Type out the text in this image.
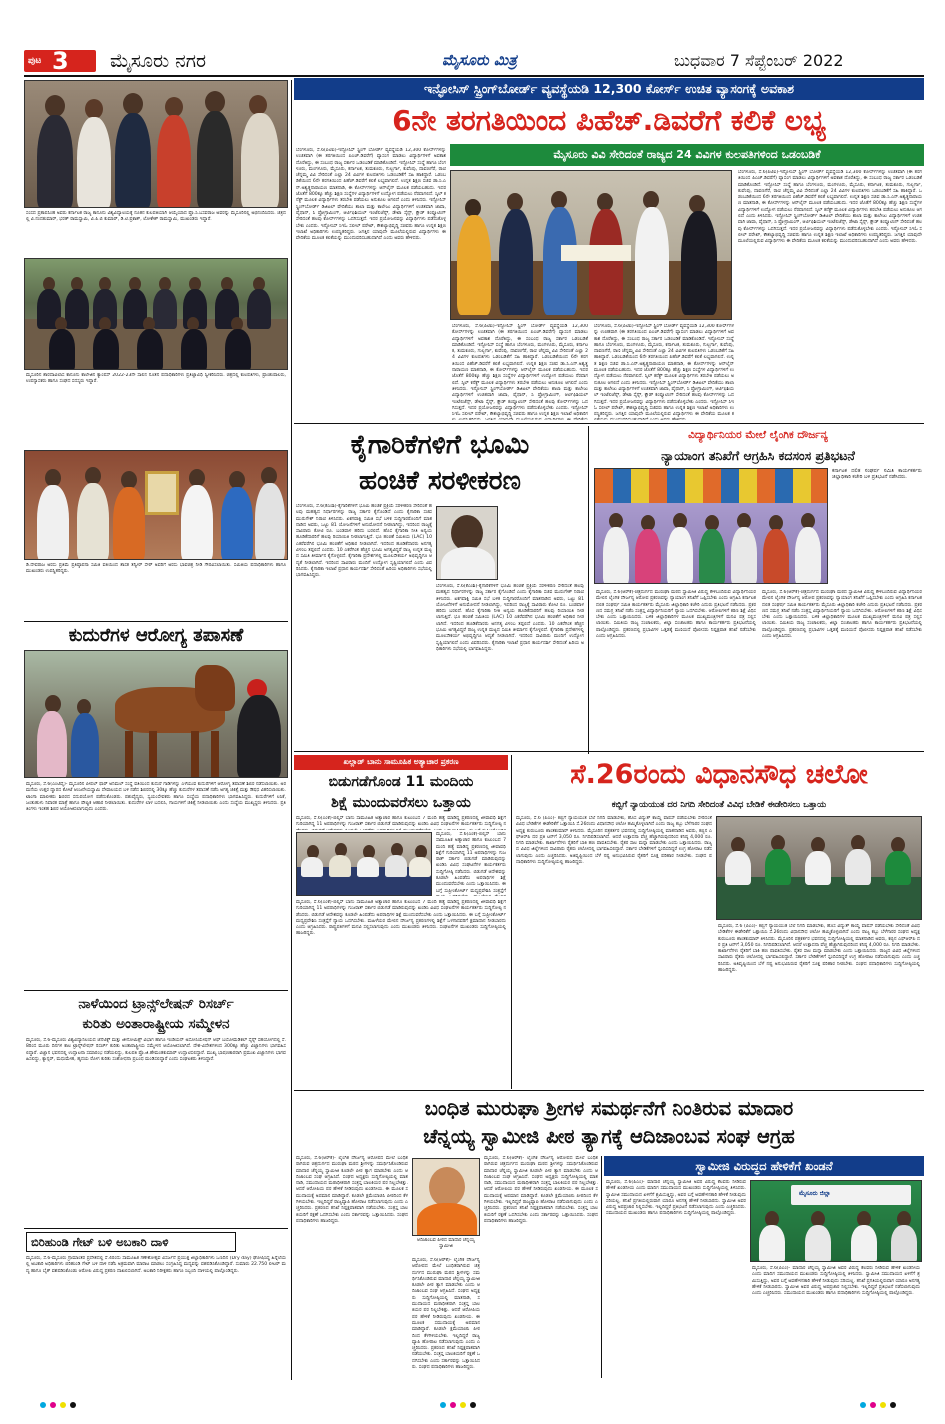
ಪುಟ 3 ಮೈಸೂರು ನಗರ	ಮೈಸೂರು ಮಿತ್ರ	ಬುಧವಾರ 7 ಸೆಪ್ಟೆಂಬರ್ 2022
ಸಂಸದ ಪ್ರತಾಪಸಿಂಹ ಅವರು ಕರ್ನಾಟಕ ರಾಜ್ಯ ಕಾನೂನು ವಿಶ್ವವಿದ್ಯಾಲಯಕ್ಕೆ ನೂತನ ಕುಲಪತಿಯಾಗಿ ಆಯ್ಕೆಯಾದ ಪ್ರೊ.ಸಿ.ಬಸವರಾಜ ಅವರನ್ನು ಮೈಸೂರಿನಲ್ಲಿ ಅಭಿನಂದಿಸಿದರು. ಚಿತ್ರದಲ್ಲಿ ವಿ.ನಂದಕುಮಾರ್, ಭರತ್ ರಾಮಸ್ವಾಮಿ, ವಿ.ಪಿ.ಬಿ ಕುಮಾರ್, ಡಿ.ಟಿ.ಪ್ರಕಾಶ್, ಲೋಕೇಶ್ ರಾಮಸ್ವಾಮಿ, ಮುಖಂಡರು ಇದ್ದಾರೆ.
ಮೈಸೂರಿನ ಶಾರದಾವಿಲಾಸ ಕಾನೂನು ಕಾಲೇಜಿನ ಕ್ಯಾಂಪಸ್ 2022-23ನೇ ಸಾಲಿನ ನೂತನ ಪದಾಧಿಕಾರಿಗಳು ಪ್ರತಿಜ್ಞಾವಿಧಿ ಸ್ವೀಕರಿಸಿದರು. ಚಿತ್ರದಲ್ಲಿ ಕುಲಪತಿಗಳು, ಪ್ರಾಂಶುಪಾಲರು, ಉಪನ್ಯಾಸಕರು ಹಾಗೂ ಸಂಘದ ಸದಸ್ಯರು ಇದ್ದಾರೆ.
ಡಿ.ದೇವರಾಜ ಅರಸು ಪ್ರತಿಮೆ ಪ್ರತಿಷ್ಠಾಪನಾ ಸಮಿತಿ ವತಿಯಿಂದ ಶಾಸಕ ತನ್ವೀರ್ ಸೇಠ್ ಅವರಿಗೆ ಅರಸು ಭಾವಚಿತ್ರ ನೀಡಿ ಗೌರವಿಸಲಾಯಿತು. ಸಮಿತಿಯ ಪದಾಧಿಕಾರಿಗಳು ಹಾಗೂ ಮುಖಂಡರು ಉಪಸ್ಥಿತರಿದ್ದರು.
ಕುದುರೆಗಳ ಆರೋಗ್ಯ ತಪಾಸಣೆ
ಮೈಸೂರು, ಸೆ.6(ಎಂಟಿವೈ)- ಮೈಸೂರಿನ ಪೀಪಲ್ ಫಾರ್ ಅನಿಮಲ್ ಸಂಸ್ಥೆ ವತಿಯಿಂದ ಕುದುರೆ ಗಾಡಿಗಳನ್ನು ಎಳೆಯುವ ಕುದುರೆಗಳಿಗೆ ಆರೋಗ್ಯ ತಪಾಸಣೆ ಶಿಬಿರ ನಡೆಸಲಾಯಿತು. ಅರಮನೆಯ ಉತ್ತರ ದ್ವಾರದ ಕೋಟೆ ಆಂಜನೇಯಸ್ವಾಮಿ ದೇವಾಲಯದ ಬಳಿ ನಡೆದ ಶಿಬಿರದಲ್ಲಿ 30ಕ್ಕೂ ಹೆಚ್ಚು ಕುದುರೆಗಳ ತಪಾಸಣೆ ನಡೆಸಿ ಅಗತ್ಯ ಚಿಕಿತ್ಸೆ ಮತ್ತು ಔಷಧ ವಿತರಿಸಲಾಯಿತು. ಟಾಂಗಾ ಮಾಲೀಕರು ಶಿಬಿರದ ಸದುಪಯೋಗ ಪಡೆದುಕೊಂಡರು. ಪಶುವೈದ್ಯರು, ಸ್ವಯಂಸೇವಕರು ಹಾಗೂ ಸಂಸ್ಥೆಯ ಪದಾಧಿಕಾರಿಗಳು ಭಾಗವಹಿಸಿದ್ದರು. ಕುದುರೆಗಳಿಗೆ ಲಸಿಕೆ, ಜಂತುಹುಳು ನಿವಾರಕ ಮಾತ್ರೆ ಹಾಗೂ ಪೌಷ್ಟಿಕ ಆಹಾರ ನೀಡಲಾಯಿತು. ಕುದುರೆಗಳ ಲಾಳ ಬದಲಿಸಿ, ಗಾಯಗಳಿಗೆ ಚಿಕಿತ್ಸೆ ನೀಡಲಾಯಿತು ಎಂದು ಸಂಸ್ಥೆಯ ಮುಖ್ಯಸ್ಥರು ತಿಳಿಸಿದರು. ಪ್ರತಿ ತಿಂಗಳು ಇಂತಹ ಶಿಬಿರ ಆಯೋಜಿಸಲಾಗುವುದು ಎಂದರು.
ನಾಳೆಯಿಂದ ಟ್ರಾನ್ಸ್‌ಲೇಷನ್ ರಿಸರ್ಚ್
ಕುರಿತು ಅಂತಾರಾಷ್ಟ್ರೀಯ ಸಮ್ಮೇಳನ
ಮೈಸೂರು, ಸೆ.6-ಮೈಸೂರು ವಿಶ್ವವಿದ್ಯಾನಿಲಯದ ಜೆನೆಟಿಕ್ಸ್ ಮತ್ತು ಜೀನೋಮಿಕ್ಸ್ ವಿಭಾಗ ಹಾಗೂ ಇಂಡಿಯನ್ ಅಸೋಸಿಯೇಷನ್ ಆಫ್ ಬಯೋಮೆಡಿಕಲ್ ಸೈನ್ಸ್ ಸಹಯೋಗದಲ್ಲಿ ಸೆ.8ರಿಂದ ಮೂರು ದಿನಗಳ ಕಾಲ ಟ್ರಾನ್ಸ್‌ಲೇಷನ್ ರಿಸರ್ಚ್ ಕುರಿತು ಅಂತಾರಾಷ್ಟ್ರೀಯ ಸಮ್ಮೇಳನ ಆಯೋಜಿಸಲಾಗಿದೆ. ದೇಶ-ವಿದೇಶಗಳಿಂದ 300ಕ್ಕೂ ಹೆಚ್ಚು ವಿಜ್ಞಾನಿಗಳು ಭಾಗವಹಿಸಲಿದ್ದಾರೆ. ವಿಜ್ಞಾನ ಭವನದಲ್ಲಿ ಉದ್ಘಾಟನಾ ಸಮಾರಂಭ ನಡೆಯಲಿದ್ದು, ಕುಲಪತಿ ಪ್ರೊ.ಜಿ.ಹೇಮಂತಕುಮಾರ್ ಉದ್ಘಾಟಿಸಲಿದ್ದಾರೆ. ಮುಖ್ಯ ಭಾಷಣಕಾರರಾಗಿ ಪ್ರಮುಖ ವಿಜ್ಞಾನಿಗಳು ಭಾಗವಹಿಸಲಿದ್ದು, ಕ್ಯಾನ್ಸರ್, ಮಧುಮೇಹ, ಹೃದಯ ರೋಗ ಕುರಿತು ಸಂಶೋಧನಾ ಪ್ರಬಂಧ ಮಂಡಿಸಲಿದ್ದಾರೆ ಎಂದು ಸಂಘಟಕರು ತಿಳಿಸಿದ್ದಾರೆ.
ಬಿರಿಹುಂಡಿ ಗೇಟ್ ಬಳಿ ಅಬಕಾರಿ ದಾಳಿ
ಮೈಸೂರು, ಸೆ.6-ಮೈಸೂರು ಗ್ರಾಮಾಂತರ ಪ್ರದೇಶದಲ್ಲಿ ಸೆ.4ರಂದು ಸಾಮೂಹಿಕ ಗಣೇಶೋತ್ಸವ ವಿಸರ್ಜನೆ ಪ್ರಯುಕ್ತ ಜಿಲ್ಲಾಧಿಕಾರಿಗಳು ಒಣದಿನ (Dry day) ಘೋಷಿಸಿದ್ದ ಹಿನ್ನೆಲೆಯಲ್ಲಿ ಅಬಕಾರಿ ಅಧಿಕಾರಿಗಳು ಬಿರಿಹುಂಡಿ ಗೇಟ್ ಬಳಿ ದಾಳಿ ನಡೆಸಿ ಅಕ್ರಮವಾಗಿ ಮಾರಾಟ ಮಾಡಲು ಸಂಗ್ರಹಿಸಿದ್ದ ಮದ್ಯವನ್ನು ವಶಪಡಿಸಿಕೊಂಡಿದ್ದಾರೆ. ಸುಮಾರು 22.750 ಲೀಟರ್ ಮದ್ಯ ಹಾಗೂ ಬೈಕ್ ವಶಪಡಿಸಿಕೊಂಡು ಆರೋಪಿ ವಿರುದ್ಧ ಪ್ರಕರಣ ದಾಖಲಿಸಲಾಗಿದೆ. ಅಬಕಾರಿ ನಿರೀಕ್ಷಕರು ಹಾಗೂ ಸಿಬ್ಬಂದಿ ದಾಳಿಯಲ್ಲಿ ಪಾಲ್ಗೊಂಡಿದ್ದರು.
ಇನ್ಫೋಸಿಸ್ ಸ್ಪ್ರಿಂಗ್‌ಬೋರ್ಡ್ ವ್ಯವಸ್ಥೆಯಡಿ 12,300 ಕೋರ್ಸ್ ಉಚಿತ ವ್ಯಾಸಂಗಕ್ಕೆ ಅವಕಾಶ
6ನೇ ತರಗತಿಯಿಂದ ಪಿಹೆಚ್.ಡಿವರೆಗೆ ಕಲಿಕೆ ಲಭ್ಯ
ಮೈಸೂರು ವಿವಿ ಸೇರಿದಂತೆ ರಾಜ್ಯದ 24 ವಿವಿಗಳ ಕುಲಪತಿಗಳಿಂದ ಒಡಂಬಡಿಕೆ
ಬೆಂಗಳೂರು, ಸೆ.6(ಪಿಟಿಐ)-ಇನ್ಫೋಸಿಸ್ ಸ್ಪ್ರಿಂಗ್ ಬೋರ್ಡ್ ವ್ಯವಸ್ಥೆಯಡಿ 12,300 ಕೋರ್ಸ್‌ಗಳನ್ನು ಉಚಿತವಾಗಿ (ಈ ತರಗತಿಯಿಂದ ಪಿಎಚ್.ಡಿವರೆಗೆ) ವ್ಯಾಸಂಗ ಮಾಡಲು ವಿದ್ಯಾರ್ಥಿಗಳಿಗೆ ಅವಕಾಶ ದೊರೆತಿದ್ದು, ಈ ಸಂಬಂಧ ರಾಜ್ಯ ಸರ್ಕಾರ ಒಡಂಬಡಿಕೆ ಮಾಡಿಕೊಂಡಿದೆ. ಇನ್ಫೋಸಿಸ್ ಸಂಸ್ಥೆ ಹಾಗೂ ಬೆಂಗಳೂರು, ಮಂಗಳೂರು, ಮೈಸೂರು, ಕರ್ನಾಟಕ, ತುಮಕೂರು, ಗುಲ್ಬರ್ಗಾ, ಕುವೆಂಪು, ದಾವಣಗೆರೆ, ರಾಣಿ ಚೆನ್ನಮ್ಮ ವಿವಿ ಸೇರಿದಂತೆ ಎಲ್ಲಾ 24 ವಿವಿಗಳ ಕುಲಪತಿಗಳು ಒಡಂಬಡಿಕೆಗೆ ಸಹಿ ಹಾಕಿದ್ದಾರೆ. ಒಡಂಬಡಿಕೆಯಿಂದ 6ನೇ ತರಗತಿಯಿಂದ ಪಿಹೆಚ್.ಡಿವರೆಗೆ ಕಲಿಕೆ ಲಭ್ಯವಾಗಲಿದೆ. ಉನ್ನತ ಶಿಕ್ಷಣ ಸಚಿವ ಡಾ.ಸಿ.ಎನ್.ಅಶ್ವತ್ಥನಾರಾಯಣ ಮಾತನಾಡಿ, ಈ ಕೋರ್ಸ್‌ಗಳನ್ನು ಆನ್‌ಲೈನ್ ಮೂಲಕ ಪಡೆಯಬಹುದು. ಇದರ ಜೊತೆಗೆ 800ಕ್ಕೂ ಹೆಚ್ಚು ಶಿಕ್ಷಣ ಸಂಸ್ಥೆಗಳ ವಿದ್ಯಾರ್ಥಿಗಳಿಗೆ ಉದ್ಯೋಗ ಪಡೆಯಲು ನೆರವಾಗಲಿದೆ. ಸ್ಕಿಲ್ ಕನೆಕ್ಟ್ ಮೂಲಕ ವಿದ್ಯಾರ್ಥಿಗಳು ತರಬೇತಿ ಪಡೆಯಲು ಅನುಕೂಲ ಆಗಲಿದೆ ಎಂದು ತಿಳಿಸಿದರು. ಇನ್ಫೋಸಿಸ್ ಸ್ಪ್ರಿಂಗ್‌ಬೋರ್ಡ್ ಡಿಜಿಟಲ್ ವೇದಿಕೆಯು ಶಾಲಾ ಮತ್ತು ಕಾಲೇಜು ವಿದ್ಯಾರ್ಥಿಗಳಿಗೆ ಉಚಿತವಾಗಿ ಜಾವಾ, ಪೈಥಾನ್, ಸಿ ಪ್ರೋಗ್ರಾಮಿಂಗ್, ಆರ್ಟಿಫಿಶಿಯಲ್ ಇಂಟೆಲಿಜೆನ್ಸ್, ಡೇಟಾ ಸೈನ್ಸ್, ಕ್ಲೌಡ್ ಕಂಪ್ಯೂಟಿಂಗ್ ಸೇರಿದಂತೆ ಹಲವು ಕೋರ್ಸ್‌ಗಳನ್ನು ಒದಗಿಸುತ್ತದೆ. ಇದರ ಪ್ರಯೋಜನವನ್ನು ವಿದ್ಯಾರ್ಥಿಗಳು ಪಡೆದುಕೊಳ್ಳಬೇಕು ಎಂದರು. ಇನ್ಫೋಸಿಸ್ ಸಿಇಓ ಸಲೀಲ್ ಪರೇಖ್, ಕೌಶಲ್ಯಾಭಿವೃದ್ಧಿ ಸಚಿವರು ಹಾಗೂ ಉನ್ನತ ಶಿಕ್ಷಣ ಇಲಾಖೆ ಅಧಿಕಾರಿಗಳು ಉಪಸ್ಥಿತರಿದ್ದರು. ಜಗತ್ತಿನ ಯಾವುದೇ ಮೂಲೆಯಲ್ಲಿರುವ ವಿದ್ಯಾರ್ಥಿಗಳು ಈ ವೇದಿಕೆಯ ಮೂಲಕ ಕಲಿಕೆಯನ್ನು ಮುಂದುವರಿಸಬಹುದಾಗಿದೆ ಎಂದು ಅವರು ಹೇಳಿದರು.
ಬೆಂಗಳೂರು, ಸೆ.6(ಪಿಟಿಐ)-ಇನ್ಫೋಸಿಸ್ ಸ್ಪ್ರಿಂಗ್ ಬೋರ್ಡ್ ವ್ಯವಸ್ಥೆಯಡಿ 12,300 ಕೋರ್ಸ್‌ಗಳನ್ನು ಉಚಿತವಾಗಿ (ಈ ತರಗತಿಯಿಂದ ಪಿಎಚ್.ಡಿವರೆಗೆ) ವ್ಯಾಸಂಗ ಮಾಡಲು ವಿದ್ಯಾರ್ಥಿಗಳಿಗೆ ಅವಕಾಶ ದೊರೆತಿದ್ದು, ಈ ಸಂಬಂಧ ರಾಜ್ಯ ಸರ್ಕಾರ ಒಡಂಬಡಿಕೆ ಮಾಡಿಕೊಂಡಿದೆ. ಇನ್ಫೋಸಿಸ್ ಸಂಸ್ಥೆ ಹಾಗೂ ಬೆಂಗಳೂರು, ಮಂಗಳೂರು, ಮೈಸೂರು, ಕರ್ನಾಟಕ, ತುಮಕೂರು, ಗುಲ್ಬರ್ಗಾ, ಕುವೆಂಪು, ದಾವಣಗೆರೆ, ರಾಣಿ ಚೆನ್ನಮ್ಮ ವಿವಿ ಸೇರಿದಂತೆ ಎಲ್ಲಾ 24 ವಿವಿಗಳ ಕುಲಪತಿಗಳು ಒಡಂಬಡಿಕೆಗೆ ಸಹಿ ಹಾಕಿದ್ದಾರೆ. ಒಡಂಬಡಿಕೆಯಿಂದ 6ನೇ ತರಗತಿಯಿಂದ ಪಿಹೆಚ್.ಡಿವರೆಗೆ ಕಲಿಕೆ ಲಭ್ಯವಾಗಲಿದೆ. ಉನ್ನತ ಶಿಕ್ಷಣ ಸಚಿವ ಡಾ.ಸಿ.ಎನ್.ಅಶ್ವತ್ಥನಾರಾಯಣ ಮಾತನಾಡಿ, ಈ ಕೋರ್ಸ್‌ಗಳನ್ನು ಆನ್‌ಲೈನ್ ಮೂಲಕ ಪಡೆಯಬಹುದು. ಇದರ ಜೊತೆಗೆ 800ಕ್ಕೂ ಹೆಚ್ಚು ಶಿಕ್ಷಣ ಸಂಸ್ಥೆಗಳ ವಿದ್ಯಾರ್ಥಿಗಳಿಗೆ ಉದ್ಯೋಗ ಪಡೆಯಲು ನೆರವಾಗಲಿದೆ. ಸ್ಕಿಲ್ ಕನೆಕ್ಟ್ ಮೂಲಕ ವಿದ್ಯಾರ್ಥಿಗಳು ತರಬೇತಿ ಪಡೆಯಲು ಅನುಕೂಲ ಆಗಲಿದೆ ಎಂದು ತಿಳಿಸಿದರು. ಇನ್ಫೋಸಿಸ್ ಸ್ಪ್ರಿಂಗ್‌ಬೋರ್ಡ್ ಡಿಜಿಟಲ್ ವೇದಿಕೆಯು ಶಾಲಾ ಮತ್ತು ಕಾಲೇಜು ವಿದ್ಯಾರ್ಥಿಗಳಿಗೆ ಉಚಿತವಾಗಿ ಜಾವಾ, ಪೈಥಾನ್, ಸಿ ಪ್ರೋಗ್ರಾಮಿಂಗ್, ಆರ್ಟಿಫಿಶಿಯಲ್ ಇಂಟೆಲಿಜೆನ್ಸ್, ಡೇಟಾ ಸೈನ್ಸ್, ಕ್ಲೌಡ್ ಕಂಪ್ಯೂಟಿಂಗ್ ಸೇರಿದಂತೆ ಹಲವು ಕೋರ್ಸ್‌ಗಳನ್ನು ಒದಗಿಸುತ್ತದೆ. ಇದರ ಪ್ರಯೋಜನವನ್ನು ವಿದ್ಯಾರ್ಥಿಗಳು ಪಡೆದುಕೊಳ್ಳಬೇಕು ಎಂದರು. ಇನ್ಫೋಸಿಸ್ ಸಿಇಓ ಸಲೀಲ್ ಪರೇಖ್, ಕೌಶಲ್ಯಾಭಿವೃದ್ಧಿ ಸಚಿವರು ಹಾಗೂ ಉನ್ನತ ಶಿಕ್ಷಣ ಇಲಾಖೆ ಅಧಿಕಾರಿಗ
ಬೆಂಗಳೂರು, ಸೆ.6(ಪಿಟಿಐ)-ಇನ್ಫೋಸಿಸ್ ಸ್ಪ್ರಿಂಗ್ ಬೋರ್ಡ್ ವ್ಯವಸ್ಥೆಯಡಿ 12,300 ಕೋರ್ಸ್‌ಗಳನ್ನು ಉಚಿತವಾಗಿ (ಈ ತರಗತಿಯಿಂದ ಪಿಎಚ್.ಡಿವರೆಗೆ) ವ್ಯಾಸಂಗ ಮಾಡಲು ವಿದ್ಯಾರ್ಥಿಗಳಿಗೆ ಅವಕಾಶ ದೊರೆತಿದ್ದು, ಈ ಸಂಬಂಧ ರಾಜ್ಯ ಸರ್ಕಾರ ಒಡಂಬಡಿಕೆ ಮಾಡಿಕೊಂಡಿದೆ. ಇನ್ಫೋಸಿಸ್ ಸಂಸ್ಥೆ ಹಾಗೂ ಬೆಂಗಳೂರು, ಮಂಗಳೂರು, ಮೈಸೂರು, ಕರ್ನಾಟಕ, ತುಮಕೂರು, ಗುಲ್ಬರ್ಗಾ, ಕುವೆಂಪು, ದಾವಣಗೆರೆ, ರಾಣಿ ಚೆನ್ನಮ್ಮ ವಿವಿ ಸೇರಿದಂತೆ ಎಲ್ಲಾ 24 ವಿವಿಗಳ ಕುಲಪತಿಗಳು ಒಡಂಬಡಿಕೆಗೆ ಸಹಿ ಹಾಕಿದ್ದಾರೆ. ಒಡಂಬಡಿಕೆಯಿಂದ 6ನೇ ತರಗತಿಯಿಂದ ಪಿಹೆಚ್.ಡಿವರೆಗೆ ಕಲಿಕೆ ಲಭ್ಯವಾಗಲಿದೆ. ಉನ್ನತ ಶಿಕ್ಷಣ ಸಚಿವ ಡಾ.ಸಿ.ಎನ್.ಅಶ್ವತ್ಥನಾರಾಯಣ ಮಾತನಾಡಿ, ಈ ಕೋರ್ಸ್‌ಗಳನ್ನು ಆನ್‌ಲೈನ್ ಮೂಲಕ ಪಡೆಯಬಹುದು. ಇದರ ಜೊತೆಗೆ 800ಕ್ಕೂ ಹೆಚ್ಚು ಶಿಕ್ಷಣ ಸಂಸ್ಥೆಗಳ ವಿದ್ಯಾರ್ಥಿಗಳಿಗೆ ಉದ್ಯೋಗ ಪಡೆಯಲು ನೆರವಾಗಲಿದೆ. ಸ್ಕಿಲ್ ಕನೆಕ್ಟ್ ಮೂಲಕ ವಿದ್ಯಾರ್ಥಿಗಳು ತರಬೇತಿ ಪಡೆಯಲು ಅನುಕೂಲ ಆಗಲಿದೆ ಎಂದು ತಿಳಿಸಿದರು. ಇನ್ಫೋಸಿಸ್ ಸ್ಪ್ರಿಂಗ್‌ಬೋರ್ಡ್ ಡಿಜಿಟಲ್ ವೇದಿಕೆಯು ಶಾಲಾ ಮತ್ತು ಕಾಲೇಜು ವಿದ್ಯಾರ್ಥಿಗಳಿಗೆ ಉಚಿತವಾಗಿ ಜಾವಾ, ಪೈಥಾನ್, ಸಿ ಪ್ರೋಗ್ರಾಮಿಂಗ್, ಆರ್ಟಿಫಿಶಿಯಲ್ ಇಂಟೆಲಿಜೆನ್ಸ್, ಡೇಟಾ ಸೈನ್ಸ್, ಕ್ಲೌಡ್ ಕಂಪ್ಯೂಟಿಂಗ್ ಸೇರಿದಂತೆ ಹಲವು ಕೋರ್ಸ್‌ಗಳನ್ನು ಒದಗಿಸುತ್ತದೆ. ಇದರ ಪ್ರಯೋಜನವನ್ನು ವಿದ್ಯಾರ್ಥಿಗಳು ಪಡೆದುಕೊಳ್ಳಬೇಕು ಎಂದರು. ಇನ್ಫೋಸಿಸ್ ಸಿಇಓ ಸಲೀಲ್ ಪರೇಖ್, ಕೌಶಲ್ಯಾಭಿವೃದ್ಧಿ ಸಚಿವರು ಹಾಗೂ ಉನ್ನತ ಶಿಕ್ಷಣ ಇಲಾಖೆ ಅಧಿಕಾರಿಗಳು ಉಪಸ್ಥಿತರಿದ್ದರು. ಜಗತ್ತಿನ ಯಾವುದೇ ಮೂಲೆಯಲ್ಲಿರುವ ವಿದ್ಯಾರ್ಥಿಗಳು ಈ ವೇದಿಕೆಯ ಮೂಲಕ ಕ
ಬೆಂಗಳೂರು, ಸೆ.6(ಪಿಟಿಐ)-ಇನ್ಫೋಸಿಸ್ ಸ್ಪ್ರಿಂಗ್ ಬೋರ್ಡ್ ವ್ಯವಸ್ಥೆಯಡಿ 12,300 ಕೋರ್ಸ್‌ಗಳನ್ನು ಉಚಿತವಾಗಿ (ಈ ತರಗತಿಯಿಂದ ಪಿಎಚ್.ಡಿವರೆಗೆ) ವ್ಯಾಸಂಗ ಮಾಡಲು ವಿದ್ಯಾರ್ಥಿಗಳಿಗೆ ಅವಕಾಶ ದೊರೆತಿದ್ದು, ಈ ಸಂಬಂಧ ರಾಜ್ಯ ಸರ್ಕಾರ ಒಡಂಬಡಿಕೆ ಮಾಡಿಕೊಂಡಿದೆ. ಇನ್ಫೋಸಿಸ್ ಸಂಸ್ಥೆ ಹಾಗೂ ಬೆಂಗಳೂರು, ಮಂಗಳೂರು, ಮೈಸೂರು, ಕರ್ನಾಟಕ, ತುಮಕೂರು, ಗುಲ್ಬರ್ಗಾ, ಕುವೆಂಪು, ದಾವಣಗೆರೆ, ರಾಣಿ ಚೆನ್ನಮ್ಮ ವಿವಿ ಸೇರಿದಂತೆ ಎಲ್ಲಾ 24 ವಿವಿಗಳ ಕುಲಪತಿಗಳು ಒಡಂಬಡಿಕೆಗೆ ಸಹಿ ಹಾಕಿದ್ದಾರೆ. ಒಡಂಬಡಿಕೆಯಿಂದ 6ನೇ ತರಗತಿಯಿಂದ ಪಿಹೆಚ್.ಡಿವರೆಗೆ ಕಲಿಕೆ ಲಭ್ಯವಾಗಲಿದೆ. ಉನ್ನತ ಶಿಕ್ಷಣ ಸಚಿವ ಡಾ.ಸಿ.ಎನ್.ಅಶ್ವತ್ಥನಾರಾಯಣ ಮಾತನಾಡಿ, ಈ ಕೋರ್ಸ್‌ಗಳನ್ನು ಆನ್‌ಲೈನ್ ಮೂಲಕ ಪಡೆಯಬಹುದು. ಇದರ ಜೊತೆಗೆ 800ಕ್ಕೂ ಹೆಚ್ಚು ಶಿಕ್ಷಣ ಸಂಸ್ಥೆಗಳ ವಿದ್ಯಾರ್ಥಿಗಳಿಗೆ ಉದ್ಯೋಗ ಪಡೆಯಲು ನೆರವಾಗಲಿದೆ. ಸ್ಕಿಲ್ ಕನೆಕ್ಟ್ ಮೂಲಕ ವಿದ್ಯಾರ್ಥಿಗಳು ತರಬೇತಿ ಪಡೆಯಲು ಅನುಕೂಲ ಆಗಲಿದೆ ಎಂದು ತಿಳಿಸಿದರು. ಇನ್ಫೋಸಿಸ್ ಸ್ಪ್ರಿಂಗ್‌ಬೋರ್ಡ್ ಡಿಜಿಟಲ್ ವೇದಿಕೆಯು ಶಾಲಾ ಮತ್ತು ಕಾಲೇಜು ವಿದ್ಯಾರ್ಥಿಗಳಿಗೆ ಉಚಿತವಾಗಿ ಜಾವಾ, ಪೈಥಾನ್, ಸಿ ಪ್ರೋಗ್ರಾಮಿಂಗ್, ಆರ್ಟಿಫಿಶಿಯಲ್ ಇಂಟೆಲಿಜೆನ್ಸ್, ಡೇಟಾ ಸೈನ್ಸ್, ಕ್ಲೌಡ್ ಕಂಪ್ಯೂಟಿಂಗ್ ಸೇರಿದಂತೆ ಹಲವು ಕೋರ್ಸ್‌ಗಳನ್ನು ಒದಗಿಸುತ್ತದೆ. ಇದರ ಪ್ರಯೋಜನವನ್ನು ವಿದ್ಯಾರ್ಥಿಗಳು ಪಡೆದುಕೊಳ್ಳಬೇಕು ಎಂದರು. ಇನ್ಫೋಸಿಸ್ ಸಿಇಓ ಸಲೀಲ್ ಪರೇಖ್, ಕೌಶಲ್ಯಾಭಿವೃದ್ಧಿ ಸಚಿವರು ಹಾಗೂ ಉನ್ನತ ಶಿಕ್ಷಣ ಇಲಾಖೆ ಅಧಿಕಾರಿಗಳು ಉಪಸ್ಥಿತರಿದ್ದರು. ಜಗತ್ತಿನ ಯಾವುದೇ ಮೂಲೆಯಲ್ಲಿರುವ ವಿದ್ಯಾರ್ಥಿಗಳು ಈ ವೇದಿಕೆಯ ಮೂಲಕ ಕಲಿಕೆಯನ್ನು ಮುಂದುವರಿಸಬಹುದಾಗಿದೆ ಎಂದು ಅವರು ಹೇಳಿದರು.
ಕೈಗಾರಿಕೆಗಳಿಗೆ ಭೂಮಿ
ಹಂಚಿಕೆ ಸರಳೀಕರಣ
ಬೆಂಗಳೂರು, ಸೆ.6(ಕೆಎಂಶಿ)-ಕೈಗಾರಿಕೆಗಳಿಗೆ ಭೂಮಿ ಹಂಚಿಕೆ ಪ್ರಕ್ರಿಯೆ ಸರಳೀಕರಣ ಸೇರಿದಂತೆ ಹಲವು ಮಹತ್ವದ ನಿರ್ಧಾರಗಳನ್ನು ರಾಜ್ಯ ಸರ್ಕಾರ ಕೈಗೊಂಡಿದೆ ಎಂದು ಕೈಗಾರಿಕಾ ಸಚಿವ ಮುರುಗೇಶ್ ನಿರಾಣಿ ತಿಳಿಸಿದರು. ಏಕಗವಾಕ್ಷಿ ಸಮಿತಿ ಸಭೆ ಬಳಿಕ ಸುದ್ದಿಗಾರರೊಂದಿಗೆ ಮಾತನಾಡಿದ ಅವರು, ಒಟ್ಟು 81 ಯೋಜನೆಗಳಿಗೆ ಅನುಮೋದನೆ ನೀಡಲಾಗಿದ್ದು, ಇದರಿಂದ ರಾಜ್ಯಕ್ಕೆ ಸಾವಿರಾರು ಕೋಟಿ ರೂ. ಬಂಡವಾಳ ಹರಿದು ಬರಲಿದೆ. ಹೊಸ ಕೈಗಾರಿಕಾ ನೀತಿ ಅನ್ವಯ ಹೂಡಿಕೆದಾರರಿಗೆ ಹಲವು ರಿಯಾಯಿತಿ ನೀಡಲಾಗುತ್ತಿದೆ. ಭೂ ಹಂಚಿಕೆ ಸಮಿತಿಯ (LAC) 10 ಎಕರೆವರೆಗಿನ ಭೂಮಿ ಹಂಚಿಕೆಗೆ ಅಧಿಕಾರ ನೀಡಲಾಗಿದೆ. ಇದರಿಂದ ಹೂಡಿಕೆದಾರರು ಅನಗತ್ಯ ವಿಳಂಬ ತಪ್ಪಲಿದೆ ಎಂದರು. 10 ಎಕರೆಗಿಂತ ಹೆಚ್ಚಿನ ಭೂಮಿ ಅಗತ್ಯವಿದ್ದರೆ ರಾಜ್ಯ ಉನ್ನತ ಮಟ್ಟದ ಸಮಿತಿ ತೀರ್ಮಾನ ಕೈಗೊಳ್ಳಲಿದೆ. ಕೈಗಾರಿಕಾ ಪ್ರದೇಶಗಳಲ್ಲಿ ಮೂಲಸೌಕರ್ಯ ಅಭಿವೃದ್ಧಿಗೂ ಆದ್ಯತೆ ನೀಡಲಾಗಿದೆ. ಇದರಿಂದ ಸಾವಿರಾರು ಮಂದಿಗೆ ಉದ್ಯೋಗ ಸೃಷ್ಟಿಯಾಗಲಿದೆ ಎಂದು ವಿವರಿಸಿದರು. ಕೈಗಾರಿಕಾ ಇಲಾಖೆ ಪ್ರಧಾನ ಕಾರ್ಯದರ್ಶಿ ಸೇರಿದಂತೆ ಹಿರಿಯ ಅಧಿಕಾರಿಗಳು ಸಭೆಯಲ್ಲಿ ಭಾಗವಹಿಸಿದ್ದರು.
ಬೆಂಗಳೂರು, ಸೆ.6(ಕೆಎಂಶಿ)-ಕೈಗಾರಿಕೆಗಳಿಗೆ ಭೂಮಿ ಹಂಚಿಕೆ ಪ್ರಕ್ರಿಯೆ ಸರಳೀಕರಣ ಸೇರಿದಂತೆ ಹಲವು ಮಹತ್ವದ ನಿರ್ಧಾರಗಳನ್ನು ರಾಜ್ಯ ಸರ್ಕಾರ ಕೈಗೊಂಡಿದೆ ಎಂದು ಕೈಗಾರಿಕಾ ಸಚಿವ ಮುರುಗೇಶ್ ನಿರಾಣಿ ತಿಳಿಸಿದರು. ಏಕಗವಾಕ್ಷಿ ಸಮಿತಿ ಸಭೆ ಬಳಿಕ ಸುದ್ದಿಗಾರರೊಂದಿಗೆ ಮಾತನಾಡಿದ ಅವರು, ಒಟ್ಟು 81 ಯೋಜನೆಗಳಿಗೆ ಅನುಮೋದನೆ ನೀಡಲಾಗಿದ್ದು, ಇದರಿಂದ ರಾಜ್ಯಕ್ಕೆ ಸಾವಿರಾರು ಕೋಟಿ ರೂ. ಬಂಡವಾಳ ಹರಿದು ಬರಲಿದೆ. ಹೊಸ ಕೈಗಾರಿಕಾ ನೀತಿ ಅನ್ವಯ ಹೂಡಿಕೆದಾರರಿಗೆ ಹಲವು ರಿಯಾಯಿತಿ ನೀಡಲಾಗುತ್ತಿದೆ. ಭೂ ಹಂಚಿಕೆ ಸಮಿತಿಯ (LAC) 10 ಎಕರೆವರೆಗಿನ ಭೂಮಿ ಹಂಚಿಕೆಗೆ ಅಧಿಕಾರ ನೀಡಲಾಗಿದೆ. ಇದರಿಂದ ಹೂಡಿಕೆದಾರರು ಅನಗತ್ಯ ವಿಳಂಬ ತಪ್ಪಲಿದೆ ಎಂದರು. 10 ಎಕರೆಗಿಂತ ಹೆಚ್ಚಿನ ಭೂಮಿ ಅಗತ್ಯವಿದ್ದರೆ ರಾಜ್ಯ ಉನ್ನತ ಮಟ್ಟದ ಸಮಿತಿ ತೀರ್ಮಾನ ಕೈಗೊಳ್ಳಲಿದೆ. ಕೈಗಾರಿಕಾ ಪ್ರದೇಶಗಳಲ್ಲಿ ಮೂಲಸೌಕರ್ಯ ಅಭಿವೃದ್ಧಿಗೂ ಆದ್ಯತೆ ನೀಡಲಾಗಿದೆ. ಇದರಿಂದ ಸಾವಿರಾರು ಮಂದಿಗೆ ಉದ್ಯೋಗ ಸೃಷ್ಟಿಯಾಗಲಿದೆ ಎಂದು ವಿವರಿಸಿದರು. ಕೈಗಾರಿಕಾ ಇಲಾಖೆ ಪ್ರಧಾನ ಕಾರ್ಯದರ್ಶಿ ಸೇರಿದಂತೆ ಹಿರಿಯ ಅಧಿಕಾರಿಗಳು ಸಭೆಯಲ್ಲಿ ಭಾಗವಹಿಸಿದ್ದರು.
ವಿದ್ಯಾರ್ಥಿನಿಯರ ಮೇಲೆ ಲೈಂಗಿಕ ದೌರ್ಜನ್ಯ
ನ್ಯಾಯಾಂಗ ತನಿಖೆಗೆ ಆಗ್ರಹಿಸಿ ಕದಸಂಸ ಪ್ರತಿಭಟನೆ
ಕರ್ನಾಟಕ ದಲಿತ ಸಂಘರ್ಷ ಸಮಿತಿ ಕಾರ್ಯಕರ್ತರು ಜಿಲ್ಲಾಧಿಕಾರಿ ಕಚೇರಿ ಬಳಿ ಪ್ರತಿಭಟನೆ ನಡೆಸಿದರು.
ಮೈಸೂರು, ಸೆ.6(ಆರ್‌ಕೆ)-ಚಿತ್ರದುರ್ಗದ ಮುರುಘಾ ಮಠದ ಸ್ವಾಮೀಜಿ ವಿರುದ್ಧ ಕೇಳಿಬಂದಿರುವ ವಿದ್ಯಾರ್ಥಿನಿಯರ ಮೇಲಿನ ಲೈಂಗಿಕ ದೌರ್ಜನ್ಯ ಆರೋಪ ಪ್ರಕರಣವನ್ನು ನ್ಯಾಯಾಂಗ ತನಿಖೆಗೆ ಒಪ್ಪಿಸಬೇಕು ಎಂದು ಆಗ್ರಹಿಸಿ ಕರ್ನಾಟಕ ದಲಿತ ಸಂಘರ್ಷ ಸಮಿತಿ ಕಾರ್ಯಕರ್ತರು ಮೈಸೂರು ಜಿಲ್ಲಾಧಿಕಾರಿ ಕಚೇರಿ ಎದುರು ಪ್ರತಿಭಟನೆ ನಡೆಸಿದರು. ಪ್ರಕರಣದ ಸಮಗ್ರ ತನಿಖೆ ನಡೆಸಿ ಸಂತ್ರಸ್ತ ವಿದ್ಯಾರ್ಥಿನಿಯರಿಗೆ ನ್ಯಾಯ ಒದಗಿಸಬೇಕು. ಆರೋಪಿಗಳಿಗೆ ಕಠಿಣ ಶಿಕ್ಷೆ ವಿಧಿಸಬೇಕು ಎಂದು ಒತ್ತಾಯಿಸಿದರು. ಬಳಿಕ ಜಿಲ್ಲಾಧಿಕಾರಿಗಳ ಮೂಲಕ ಮುಖ್ಯಮಂತ್ರಿಗಳಿಗೆ ಮನವಿ ಪತ್ರ ಸಲ್ಲಿಸಲಾಯಿತು. ಸಮಿತಿಯ ರಾಜ್ಯ ಸಂಚಾಲಕರು, ಜಿಲ್ಲಾ ಸಂಚಾಲಕರು ಹಾಗೂ ಕಾರ್ಯಕರ್ತರು ಪ್ರತಿಭಟನೆಯಲ್ಲಿ ಪಾಲ್ಗೊಂಡಿದ್ದರು. ಪ್ರಕರಣದಲ್ಲಿ ಪ್ರಭಾವಿಗಳ ಒತ್ತಡಕ್ಕೆ ಮಣಿಯದೆ ಪೊಲೀಸರು ನಿಷ್ಪಕ್ಷಪಾತ ತನಿಖೆ ನಡೆಸಬೇಕು ಎಂದು ಆಗ್ರಹಿಸಿದರು.
ಮೈಸೂರು, ಸೆ.6(ಆರ್‌ಕೆ)-ಚಿತ್ರದುರ್ಗದ ಮುರುಘಾ ಮಠದ ಸ್ವಾಮೀಜಿ ವಿರುದ್ಧ ಕೇಳಿಬಂದಿರುವ ವಿದ್ಯಾರ್ಥಿನಿಯರ ಮೇಲಿನ ಲೈಂಗಿಕ ದೌರ್ಜನ್ಯ ಆರೋಪ ಪ್ರಕರಣವನ್ನು ನ್ಯಾಯಾಂಗ ತನಿಖೆಗೆ ಒಪ್ಪಿಸಬೇಕು ಎಂದು ಆಗ್ರಹಿಸಿ ಕರ್ನಾಟಕ ದಲಿತ ಸಂಘರ್ಷ ಸಮಿತಿ ಕಾರ್ಯಕರ್ತರು ಮೈಸೂರು ಜಿಲ್ಲಾಧಿಕಾರಿ ಕಚೇರಿ ಎದುರು ಪ್ರತಿಭಟನೆ ನಡೆಸಿದರು. ಪ್ರಕರಣದ ಸಮಗ್ರ ತನಿಖೆ ನಡೆಸಿ ಸಂತ್ರಸ್ತ ವಿದ್ಯಾರ್ಥಿನಿಯರಿಗೆ ನ್ಯಾಯ ಒದಗಿಸಬೇಕು. ಆರೋಪಿಗಳಿಗೆ ಕಠಿಣ ಶಿಕ್ಷೆ ವಿಧಿಸಬೇಕು ಎಂದು ಒತ್ತಾಯಿಸಿದರು. ಬಳಿಕ ಜಿಲ್ಲಾಧಿಕಾರಿಗಳ ಮೂಲಕ ಮುಖ್ಯಮಂತ್ರಿಗಳಿಗೆ ಮನವಿ ಪತ್ರ ಸಲ್ಲಿಸಲಾಯಿತು. ಸಮಿತಿಯ ರಾಜ್ಯ ಸಂಚಾಲಕರು, ಜಿಲ್ಲಾ ಸಂಚಾಲಕರು ಹಾಗೂ ಕಾರ್ಯಕರ್ತರು ಪ್ರತಿಭಟನೆಯಲ್ಲಿ ಪಾಲ್ಗೊಂಡಿದ್ದರು. ಪ್ರಕರಣದಲ್ಲಿ ಪ್ರಭಾವಿಗಳ ಒತ್ತಡಕ್ಕೆ ಮಣಿಯದೆ ಪೊಲೀಸರು ನಿಷ್ಪಕ್ಷಪಾತ ತನಿಖೆ ನಡೆಸಬೇಕು ಎಂದು ಆಗ್ರಹಿಸಿದರು.
ಖಲ್ಲಾಡ್ ಬಾನು ಸಾಮೂಹಿಕ ಅತ್ಯಾಚಾರ ಪ್ರಕರಣ
ಬಿಡುಗಡೆಗೊಂಡ 11 ಮಂದಿಯ
ಶಿಕ್ಷೆ ಮುಂದುವರೆಸಲು ಒತ್ತಾಯ
ಮೈಸೂರು, ಸೆ.6(ಎಂಕೆ)-ಬಿಲ್ಕಿಸ್ ಬಾನು ಸಾಮೂಹಿಕ ಅತ್ಯಾಚಾರ ಹಾಗೂ ಕುಟುಂಬದ 7 ಮಂದಿ ಹತ್ಯೆ ಮಾಡಿದ್ದ ಪ್ರಕರಣದಲ್ಲಿ ಜೀವಾವಧಿ ಶಿಕ್ಷೆಗೆ ಗುರಿಯಾಗಿದ್ದ 11 ಅಪರಾಧಿಗಳನ್ನು ಗುಜರಾತ್ ಸರ್ಕಾರ ಬಿಡುಗಡೆ ಮಾಡಿರುವುದನ್ನು ಖಂಡಿಸಿ ವಿವಿಧ ಸಂಘಟನೆಗಳ ಕಾರ್ಯಕರ್ತರು ಸುದ್ದಿಗೋಷ್ಠಿ ನ
ಮೈಸೂರು, ಸೆ.6(ಎಂಕೆ)-ಬಿಲ್ಕಿಸ್ ಬಾನು ಸಾಮೂಹಿಕ ಅತ್ಯಾಚಾರ ಹಾಗೂ ಕುಟುಂಬದ 7 ಮಂದಿ ಹತ್ಯೆ ಮಾಡಿದ್ದ ಪ್ರಕರಣದಲ್ಲಿ ಜೀವಾವಧಿ ಶಿಕ್ಷೆಗೆ ಗುರಿಯಾಗಿದ್ದ 11 ಅಪರಾಧಿಗಳನ್ನು ಗುಜರಾತ್ ಸರ್ಕಾರ ಬಿಡುಗಡೆ ಮಾಡಿರುವುದನ್ನು ಖಂಡಿಸಿ ವಿವಿಧ ಸಂಘಟನೆಗಳ ಕಾರ್ಯಕರ್ತರು ಸುದ್ದಿಗೋಷ್ಠಿ ನಡೆಸಿದರು. ಬಿಡುಗಡೆ ಆದೇಶವನ್ನು ಕೂಡಲೇ ಹಿಂಪಡೆದು ಅಪರಾಧಿಗಳ ಶಿಕ್ಷೆ ಮುಂದುವರೆಸಬೇಕು ಎಂದು ಒತ್ತಾಯಿಸಿದರು. ಈ ಬಗ್ಗೆ ಸುಪ್ರೀಂಕೋರ್ಟ್ ಮಧ್ಯಪ್ರವೇಶಿಸಿ ಸಂತ್ರಸ್ತೆಗೆ
ಮೈಸೂರು, ಸೆ.6(ಎಂಕೆ)-ಬಿಲ್ಕಿಸ್ ಬಾನು ಸಾಮೂಹಿಕ ಅತ್ಯಾಚಾರ ಹಾಗೂ ಕುಟುಂಬದ 7 ಮಂದಿ ಹತ್ಯೆ ಮಾಡಿದ್ದ ಪ್ರಕರಣದಲ್ಲಿ ಜೀವಾವಧಿ ಶಿಕ್ಷೆಗೆ ಗುರಿಯಾಗಿದ್ದ 11 ಅಪರಾಧಿಗಳನ್ನು ಗುಜರಾತ್ ಸರ್ಕಾರ ಬಿಡುಗಡೆ ಮಾಡಿರುವುದನ್ನು ಖಂಡಿಸಿ ವಿವಿಧ ಸಂಘಟನೆಗಳ ಕಾರ್ಯಕರ್ತರು ಸುದ್ದಿಗೋಷ್ಠಿ ನಡೆಸಿದರು. ಬಿಡುಗಡೆ ಆದೇಶವನ್ನು ಕೂಡಲೇ ಹಿಂಪಡೆದು ಅಪರಾಧಿಗಳ ಶಿಕ್ಷೆ ಮುಂದುವರೆಸಬೇಕು ಎಂದು ಒತ್ತಾಯಿಸಿದರು. ಈ ಬಗ್ಗೆ ಸುಪ್ರೀಂಕೋರ್ಟ್ ಮಧ್ಯಪ್ರವೇಶಿಸಿ ಸಂತ್ರಸ್ತೆಗೆ ನ್ಯಾಯ ಒದಗಿಸಬೇಕು. ಮಹಿಳೆಯರ ಮೇಲಿನ ದೌರ್ಜನ್ಯ ಪ್ರಕರಣಗಳಲ್ಲಿ ಶಿಕ್ಷೆಗೆ ಒಳಗಾದವರಿಗೆ ಕ್ಷಮಾದಾನ ನೀಡಬಾರದು ಎಂದು ಆಗ್ರಹಿಸಿದರು. ರಾಷ್ಟ್ರಪತಿಗಳಿಗೆ ಮನವಿ ಸಲ್ಲಿಸಲಾಗುವುದು ಎಂದು ಮುಖಂಡರು ತಿಳಿಸಿದರು. ಸಂಘಟನೆಗಳ ಮುಖಂಡರು ಸುದ್ದಿಗೋಷ್ಠಿಯಲ್ಲಿ ಹಾಜರಿದ್ದರು.
ಸೆ.26ರಂದು ವಿಧಾನಸೌಧ ಚಲೋ
ಕಬ್ಬಿಗೆ ನ್ಯಾಯಯುತ ದರ ನಿಗದಿ ಸೇರಿದಂತೆ ವಿವಿಧ ಬೇಡಿಕೆ ಈಡೇರಿಸಲು ಒತ್ತಾಯ
ಮೈಸೂರು, ಸೆ.6 (ಪಿಎಂ)- ಕಬ್ಬಿಗೆ ನ್ಯಾಯಯುತ ಬೆಲೆ ನಿಗದಿ ಮಾಡಬೇಕು, ಹೊಸ ವಿದ್ಯುತ್ ಕಾಯ್ದೆ ವಾಪಸ್ ಪಡೆಯಬೇಕು ಸೇರಿದಂತೆ ವಿವಿಧ ಬೇಡಿಕೆಗಳ ಈಡೇರಿಕೆಗೆ ಒತ್ತಾಯಿಸಿ ಸೆ.26ರಂದು ವಿಧಾನಸೌಧ ಚಲೋ ಹಮ್ಮಿಕೊಳ್ಳಲಾಗಿದೆ ಎಂದು ರಾಜ್ಯ ಕಬ್ಬು ಬೆಳೆಗಾರರ ಸಂಘದ ಅಧ್ಯಕ್ಷ ಕುರುಬೂರು ಶಾಂತಕುಮಾರ್ ತಿಳಿಸಿದರು. ಮೈಸೂರಿನ ಪತ್ರಕರ್ತರ ಭವನದಲ್ಲಿ ಸುದ್ದಿಗೋಷ್ಠಿಯಲ್ಲಿ ಮಾತನಾಡಿದ ಅವರು, ಕಬ್ಬಿನ ಎಫ್‌ಆರ್‌ಪಿ ದರ ಪ್ರತಿ ಟನ್‌ಗೆ 3,050 ರೂ. ನಿಗದಿಪಡಿಸಲಾಗಿದೆ. ಆದರೆ ಉತ್ಪಾದನಾ ವೆಚ್ಚ ಹೆಚ್ಚಾಗಿರುವುದರಿಂದ ಕನಿಷ್ಠ 4,000 ರೂ. ನಿಗದಿ ಮಾಡಬೇಕು. ಕಾರ್ಖಾನೆಗಳು ರೈತರಿಗೆ ಬಾಕಿ ಹಣ ಪಾವತಿಸಬೇಕು. ರೈತರ ಸಾಲ ಮನ್ನಾ ಮಾಡಬೇಕು ಎಂದು ಒತ್ತಾಯಿಸಿದರು. ರಾಜ್ಯದ ವಿವಿಧ ಜಿಲ್ಲೆಗಳಿಂದ ಸಾವಿರಾರು ರೈತರು ಚಲೋದಲ್ಲಿ ಭಾಗವಹಿಸಲಿದ್ದಾರೆ. ಸರ್ಕಾರ ಬೇಡಿಕೆಗಳಿಗೆ ಸ್ಪಂದಿಸದಿದ್ದರೆ ಉಗ್ರ ಹೋರಾಟ ನಡೆಸಲಾಗುವುದು ಎಂದು ಎಚ್ಚರಿಸಿದರು. ಅತಿವೃಷ್ಟಿಯಿಂದ ಬೆಳೆ ನಷ್ಟ ಅನುಭವಿಸಿರುವ ರೈತರಿಗೆ ಸೂಕ್ತ ಪರಿಹಾರ ನೀಡಬೇಕು. ಸಂಘದ ಪದಾಧಿಕಾರಿಗಳು ಸುದ್ದಿಗೋಷ್ಠಿಯಲ್ಲಿ ಹಾಜರಿದ್ದರು.
ಮೈಸೂರು, ಸೆ.6 (ಪಿಎಂ)- ಕಬ್ಬಿಗೆ ನ್ಯಾಯಯುತ ಬೆಲೆ ನಿಗದಿ ಮಾಡಬೇಕು, ಹೊಸ ವಿದ್ಯುತ್ ಕಾಯ್ದೆ ವಾಪಸ್ ಪಡೆಯಬೇಕು ಸೇರಿದಂತೆ ವಿವಿಧ ಬೇಡಿಕೆಗಳ ಈಡೇರಿಕೆಗೆ ಒತ್ತಾಯಿಸಿ ಸೆ.26ರಂದು ವಿಧಾನಸೌಧ ಚಲೋ ಹಮ್ಮಿಕೊಳ್ಳಲಾಗಿದೆ ಎಂದು ರಾಜ್ಯ ಕಬ್ಬು ಬೆಳೆಗಾರರ ಸಂಘದ ಅಧ್ಯಕ್ಷ ಕುರುಬೂರು ಶಾಂತಕುಮಾರ್ ತಿಳಿಸಿದರು. ಮೈಸೂರಿನ ಪತ್ರಕರ್ತರ ಭವನದಲ್ಲಿ ಸುದ್ದಿಗೋಷ್ಠಿಯಲ್ಲಿ ಮಾತನಾಡಿದ ಅವರು, ಕಬ್ಬಿನ ಎಫ್‌ಆರ್‌ಪಿ ದರ ಪ್ರತಿ ಟನ್‌ಗೆ 3,050 ರೂ. ನಿಗದಿಪಡಿಸಲಾಗಿದೆ. ಆದರೆ ಉತ್ಪಾದನಾ ವೆಚ್ಚ ಹೆಚ್ಚಾಗಿರುವುದರಿಂದ ಕನಿಷ್ಠ 4,000 ರೂ. ನಿಗದಿ ಮಾಡಬೇಕು. ಕಾರ್ಖಾನೆಗಳು ರೈತರಿಗೆ ಬಾಕಿ ಹಣ ಪಾವತಿಸಬೇಕು. ರೈತರ ಸಾಲ ಮನ್ನಾ ಮಾಡಬೇಕು ಎಂದು ಒತ್ತಾಯಿಸಿದರು. ರಾಜ್ಯದ ವಿವಿಧ ಜಿಲ್ಲೆಗಳಿಂದ ಸಾವಿರಾರು ರೈತರು ಚಲೋದಲ್ಲಿ ಭಾಗವಹಿಸಲಿದ್ದಾರೆ. ಸರ್ಕಾರ ಬೇಡಿಕೆಗಳಿಗೆ ಸ್ಪಂದಿಸದಿದ್ದರೆ ಉಗ್ರ ಹೋರಾಟ ನಡೆಸಲಾಗುವುದು ಎಂದು ಎಚ್ಚರಿಸಿದರು. ಅತಿವೃಷ್ಟಿಯಿಂದ ಬೆಳೆ ನಷ್ಟ ಅನುಭವಿಸಿರುವ ರೈತರಿಗೆ ಸೂಕ್ತ ಪರಿಹಾರ ನೀಡಬೇಕು. ಸಂಘದ ಪದಾಧಿಕಾರಿಗಳು ಸುದ್ದಿಗೋಷ್ಠಿಯಲ್ಲಿ ಹಾಜರಿದ್ದರು.
ಬಂಧಿತ ಮುರುಘಾ ಶ್ರೀಗಳ ಸಮರ್ಥನೆಗೆ ನಿಂತಿರುವ ಮಾದಾರ
ಚೆನ್ನಯ್ಯ ಸ್ವಾಮೀಜಿ ಪೀಠ ತ್ಯಾಗಕ್ಕೆ ಆದಿಜಾಂಬವ ಸಂಘ ಆಗ್ರಹ
ಮೈಸೂರು, ಸೆ.6(ಆರ್‌ಕೆ)- ಲೈಂಗಿಕ ದೌರ್ಜನ್ಯ ಆರೋಪದ ಮೇಲೆ ಬಂಧಿತರಾಗಿರುವ ಚಿತ್ರದುರ್ಗದ ಮುರುಘಾ ಮಠದ ಶ್ರೀಗಳನ್ನು ಸಮರ್ಥಿಸಿಕೊಂಡಿರುವ ಮಾದಾರ ಚೆನ್ನಯ್ಯ ಸ್ವಾಮೀಜಿ ಕೂಡಲೇ ಪೀಠ ತ್ಯಾಗ ಮಾಡಬೇಕು ಎಂದು ಆದಿಜಾಂಬವ ಸಂಘ ಆಗ್ರಹಿಸಿದೆ. ಸಂಘದ ಅಧ್ಯಕ್ಷರು ಸುದ್ದಿಗೋಷ್ಠಿಯಲ್ಲಿ ಮಾತನಾಡಿ, ಸಮುದಾಯದ ಮಠಾಧೀಶರಾಗಿ ಸಂತ್ರಸ್ತ ಬಾಲಕಿಯರ ಪರ ನಿಲ್ಲಬೇಕಿತ್ತು. ಆದರೆ ಆರೋಪಿಯ ಪರ ಹೇಳಿಕೆ ನೀಡಿರುವುದು ಖಂಡನೀಯ. ಈ ಮೂಲಕ ಸಮುದಾಯಕ್ಕೆ ಅಪಮಾನ ಮಾಡಿದ್ದಾರೆ. ಕೂಡಲೇ ಕ್ಷಮೆಯಾಚಿಸಿ ಪೀಠದಿಂದ ಕೆಳಗಿಳಿಯಬೇಕು. ಇಲ್ಲದಿದ್ದರೆ ರಾಜ್ಯವ್ಯಾಪಿ ಹೋರಾಟ ನಡೆಸಲಾಗುವುದು ಎಂದು ಎಚ್ಚರಿಸಿದರು. ಪ್ರಕರಣದ ತನಿಖೆ ನಿಷ್ಪಕ್ಷಪಾತವಾಗಿ ನಡೆಯಬೇಕು. ಸಂತ್ರಸ್ತ ಬಾಲಕಿಯರಿಗೆ ರಕ್ಷಣೆ ಒದಗಿಸಬೇಕು ಎಂದು ಸರ್ಕಾರವನ್ನು ಒತ್ತಾಯಿಸಿದರು. ಸಂಘದ ಪದಾಧಿಕಾರಿಗಳು ಹಾಜರಿದ್ದರು.
ಆದಿಜಾಂಬವ ಪೀಠದ ಮಾದಾರ ಚೆನ್ನಯ್ಯ ಸ್ವಾಮೀಜಿ
ಮೈಸೂರು, ಸೆ.6(ಆರ್‌ಕೆ)- ಲೈಂಗಿಕ ದೌರ್ಜನ್ಯ ಆರೋಪದ ಮೇಲೆ ಬಂಧಿತರಾಗಿರುವ ಚಿತ್ರದುರ್ಗದ ಮುರುಘಾ ಮಠದ ಶ್ರೀಗಳನ್ನು ಸಮರ್ಥಿಸಿಕೊಂಡಿರುವ ಮಾದಾರ ಚೆನ್ನಯ್ಯ ಸ್ವಾಮೀಜಿ ಕೂಡಲೇ ಪೀಠ ತ್ಯಾಗ ಮಾಡಬೇಕು ಎಂದು ಆದಿಜಾಂಬವ ಸಂಘ ಆಗ್ರಹಿಸಿದೆ. ಸಂಘದ ಅಧ್ಯಕ್ಷರು ಸುದ್ದಿಗೋಷ್ಠಿಯಲ್ಲಿ ಮಾತನಾಡಿ, ಸಮುದಾಯದ ಮಠಾಧೀಶರಾಗಿ ಸಂತ್ರಸ್ತ ಬಾಲಕಿಯರ ಪರ ನಿಲ್ಲಬೇಕಿತ್ತು. ಆದರೆ ಆರೋಪಿಯ ಪರ ಹೇಳಿಕೆ ನೀಡಿರುವುದು ಖಂಡನೀಯ. ಈ ಮೂಲಕ ಸಮುದಾಯಕ್ಕೆ ಅಪಮಾನ ಮಾಡಿದ್ದಾರೆ. ಕೂಡಲೇ ಕ್ಷಮೆಯಾಚಿಸಿ ಪೀಠದಿಂದ ಕೆಳಗಿಳಿಯಬೇಕು. ಇಲ್ಲದಿದ್ದರೆ ರಾಜ್ಯವ್ಯಾಪಿ ಹೋರಾಟ ನಡೆಸಲಾಗುವುದು ಎಂದು ಎಚ್ಚರಿಸಿದರು. ಪ್ರಕರಣದ ತನಿಖೆ ನಿಷ್ಪಕ್ಷಪಾತವಾಗಿ ನಡೆಯಬೇಕು. ಸಂತ್ರಸ್ತ ಬಾಲಕಿಯರಿಗೆ ರಕ್ಷಣೆ ಒದಗಿಸಬೇಕು ಎಂದು ಸರ್ಕಾರವನ್ನು ಒತ್ತಾಯಿಸಿದರು. ಸಂಘದ ಪದಾಧಿಕಾರಿಗಳು ಹಾಜರಿದ್ದರು.
ಮೈಸೂರು, ಸೆ.6(ಆರ್‌ಕೆ)- ಲೈಂಗಿಕ ದೌರ್ಜನ್ಯ ಆರೋಪದ ಮೇಲೆ ಬಂಧಿತರಾಗಿರುವ ಚಿತ್ರದುರ್ಗದ ಮುರುಘಾ ಮಠದ ಶ್ರೀಗಳನ್ನು ಸಮರ್ಥಿಸಿಕೊಂಡಿರುವ ಮಾದಾರ ಚೆನ್ನಯ್ಯ ಸ್ವಾಮೀಜಿ ಕೂಡಲೇ ಪೀಠ ತ್ಯಾಗ ಮಾಡಬೇಕು ಎಂದು ಆದಿಜಾಂಬವ ಸಂಘ ಆಗ್ರಹಿಸಿದೆ. ಸಂಘದ ಅಧ್ಯಕ್ಷರು ಸುದ್ದಿಗೋಷ್ಠಿಯಲ್ಲಿ ಮಾತನಾಡಿ, ಸಮುದಾಯದ ಮಠಾಧೀಶರಾಗಿ ಸಂತ್ರಸ್ತ ಬಾಲಕಿಯರ ಪರ ನಿಲ್ಲಬೇಕಿತ್ತು. ಆದರೆ ಆರೋಪಿಯ ಪರ ಹೇಳಿಕೆ ನೀಡಿರುವುದು ಖಂಡನೀಯ. ಈ ಮೂಲಕ ಸಮುದಾಯಕ್ಕೆ ಅಪಮಾನ ಮಾಡಿದ್ದಾರೆ. ಕೂಡಲೇ ಕ್ಷಮೆಯಾಚಿಸಿ ಪೀಠದಿಂದ ಕೆಳಗಿಳಿಯಬೇಕು. ಇಲ್ಲದಿದ್ದರೆ ರಾಜ್ಯವ್ಯಾಪಿ ಹೋರಾಟ ನಡೆಸಲಾಗುವುದು ಎಂದು ಎಚ್ಚರಿಸಿದರು. ಪ್ರಕರಣದ ತನಿಖೆ ನಿಷ್ಪಕ್ಷಪಾತವಾಗಿ ನಡೆಯಬೇಕು. ಸಂತ್ರಸ್ತ ಬಾಲಕಿಯರಿಗೆ ರಕ್ಷಣೆ ಒದಗಿಸಬೇಕು ಎಂದು ಸರ್ಕಾರವನ್ನು ಒತ್ತಾಯಿಸಿದರು. ಸಂಘದ ಪದಾಧಿಕಾರಿಗಳು ಹಾಜರಿದ್ದರು.
ಸ್ವಾಮೀಜಿ ವಿರುದ್ಧದ ಹೇಳಿಕೆಗೆ ಖಂಡನೆ
ಮೈಸೂರು, ಸೆ.6(ಪಿಎಂ)- ಮಾದಾರ ಚೆನ್ನಯ್ಯ ಸ್ವಾಮೀಜಿ ಅವರ ವಿರುದ್ಧ ಕೆಲವರು ನೀಡಿರುವ ಹೇಳಿಕೆ ಖಂಡನೀಯ ಎಂದು ಮಾದಿಗ ಸಮುದಾಯದ ಮುಖಂಡರು ಸುದ್ದಿಗೋಷ್ಠಿಯಲ್ಲಿ ತಿಳಿಸಿದರು. ಸ್ವಾಮೀಜಿ ಸಮುದಾಯದ ಏಳಿಗೆಗೆ ಶ್ರಮಿಸುತ್ತಿದ್ದು, ಅವರ ಬಗ್ಗೆ ಅವಹೇಳನಕಾರಿ ಹೇಳಿಕೆ ನೀಡುವುದು ಸರಿಯಲ್ಲ. ತನಿಖೆ ಪ್ರಗತಿಯಲ್ಲಿರುವಾಗ ಯಾರೂ ಅನಗತ್ಯ ಹೇಳಿಕೆ ನೀಡಬಾರದು. ಸ್ವಾಮೀಜಿ ಅವರ ವಿರುದ್ಧ ಅಪಪ್ರಚಾರ ನಿಲ್ಲಿಸಬೇಕು. ಇಲ್ಲದಿದ್ದರೆ ಪ್ರತಿಭಟನೆ ನಡೆಸಲಾಗುವುದು ಎಂದು ಎಚ್ಚರಿಸಿದರು. ಸಮುದಾಯದ ಮುಖಂಡರು ಹಾಗೂ ಪದಾಧಿಕಾರಿಗಳು ಸುದ್ದಿಗೋಷ್ಠಿಯಲ್ಲಿ ಪಾಲ್ಗೊಂಡಿದ್ದರು.
ಮೈಸೂರು ಜಿಲ್ಲಾ
ಮೈಸೂರು, ಸೆ.6(ಪಿಎಂ)- ಮಾದಾರ ಚೆನ್ನಯ್ಯ ಸ್ವಾಮೀಜಿ ಅವರ ವಿರುದ್ಧ ಕೆಲವರು ನೀಡಿರುವ ಹೇಳಿಕೆ ಖಂಡನೀಯ ಎಂದು ಮಾದಿಗ ಸಮುದಾಯದ ಮುಖಂಡರು ಸುದ್ದಿಗೋಷ್ಠಿಯಲ್ಲಿ ತಿಳಿಸಿದರು. ಸ್ವಾಮೀಜಿ ಸಮುದಾಯದ ಏಳಿಗೆಗೆ ಶ್ರಮಿಸುತ್ತಿದ್ದು, ಅವರ ಬಗ್ಗೆ ಅವಹೇಳನಕಾರಿ ಹೇಳಿಕೆ ನೀಡುವುದು ಸರಿಯಲ್ಲ. ತನಿಖೆ ಪ್ರಗತಿಯಲ್ಲಿರುವಾಗ ಯಾರೂ ಅನಗತ್ಯ ಹೇಳಿಕೆ ನೀಡಬಾರದು. ಸ್ವಾಮೀಜಿ ಅವರ ವಿರುದ್ಧ ಅಪಪ್ರಚಾರ ನಿಲ್ಲಿಸಬೇಕು. ಇಲ್ಲದಿದ್ದರೆ ಪ್ರತಿಭಟನೆ ನಡೆಸಲಾಗುವುದು ಎಂದು ಎಚ್ಚರಿಸಿದರು. ಸಮುದಾಯದ ಮುಖಂಡರು ಹಾಗೂ ಪದಾಧಿಕಾರಿಗಳು ಸುದ್ದಿಗೋಷ್ಠಿಯಲ್ಲಿ ಪಾಲ್ಗೊಂಡಿದ್ದರು.
